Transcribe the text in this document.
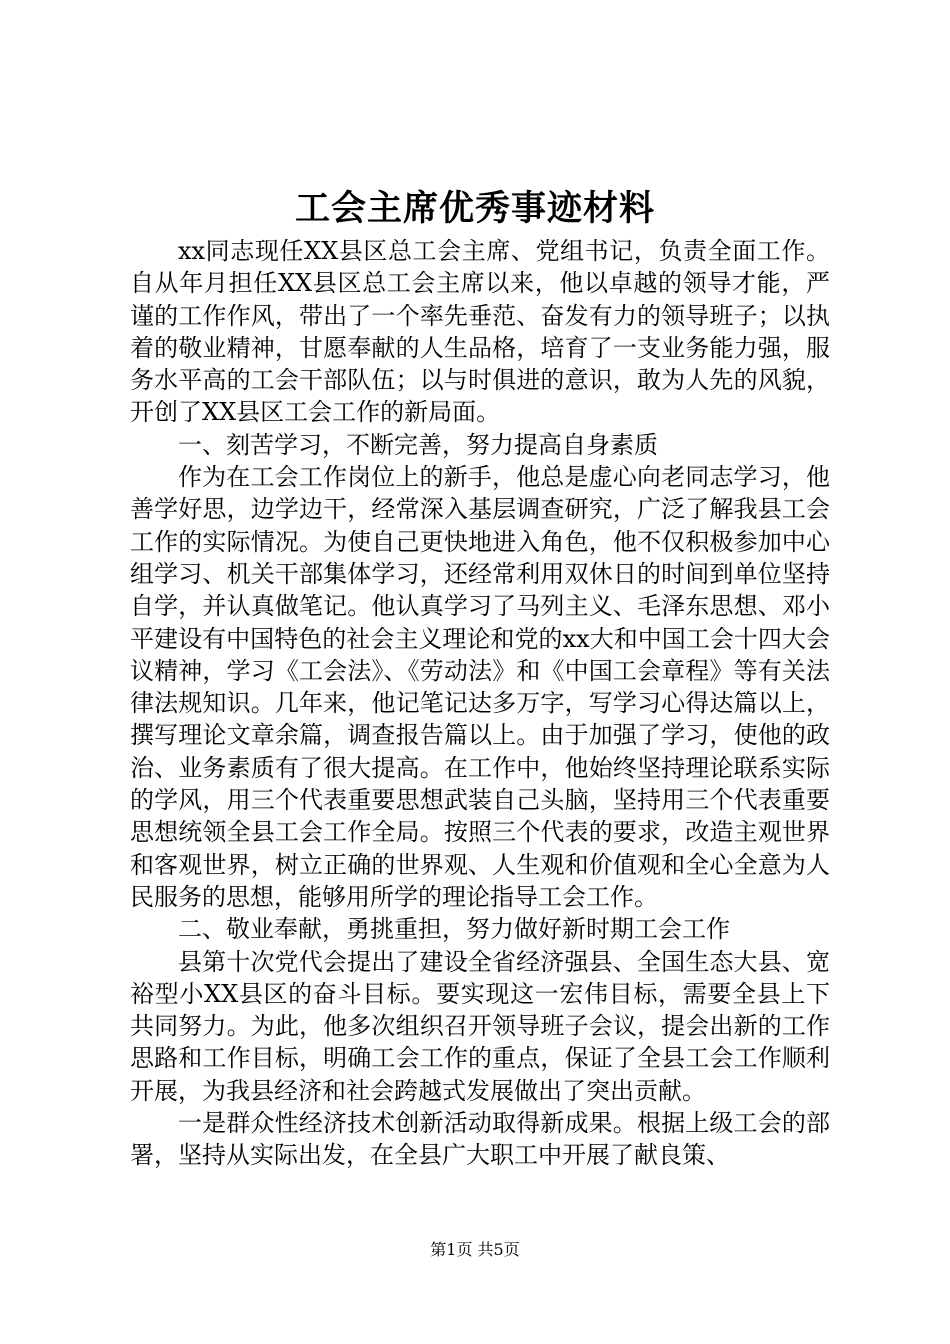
工会主席优秀事迹材料

xx同志现任XX县区总工会主席、党组书记，负责全面工作。自从年月担任XX县区总工会主席以来，他以卓越的领导才能，严谨的工作作风，带出了一个率先垂范、奋发有力的领导班子；以执着的敬业精神，甘愿奉献的人生品格，培育了一支业务能力强，服务水平高的工会干部队伍；以与时俱进的意识，敢为人先的风貌，开创了XX县区工会工作的新局面。

一、刻苦学习，不断完善，努力提高自身素质

作为在工会工作岗位上的新手，他总是虚心向老同志学习，他善学好思，边学边干，经常深入基层调查研究，广泛了解我县工会工作的实际情况。为使自己更快地进入角色，他不仅积极参加中心组学习、机关干部集体学习，还经常利用双休日的时间到单位坚持自学，并认真做笔记。他认真学习了马列主义、毛泽东思想、邓小平建设有中国特色的社会主义理论和党的xx大和中国工会十四大会议精神，学习《工会法》、《劳动法》和《中国工会章程》等有关法律法规知识。几年来，他记笔记达多万字，写学习心得达篇以上，撰写理论文章余篇，调查报告篇以上。由于加强了学习，使他的政治、业务素质有了很大提高。在工作中，他始终坚持理论联系实际的学风，用三个代表重要思想武装自己头脑，坚持用三个代表重要思想统领全县工会工作全局。按照三个代表的要求，改造主观世界和客观世界，树立正确的世界观、人生观和价值观和全心全意为人民服务的思想，能够用所学的理论指导工会工作。

二、敬业奉献，勇挑重担，努力做好新时期工会工作

县第十次党代会提出了建设全省经济强县、全国生态大县、宽裕型小XX县区的奋斗目标。要实现这一宏伟目标，需要全县上下共同努力。为此，他多次组织召开领导班子会议，提会出新的工作思路和工作目标，明确工会工作的重点，保证了全县工会工作顺利开展，为我县经济和社会跨越式发展做出了突出贡献。

一是群众性经济技术创新活动取得新成果。根据上级工会的部署，坚持从实际出发，在全县广大职工中开展了献良策、

第1页 共5页
